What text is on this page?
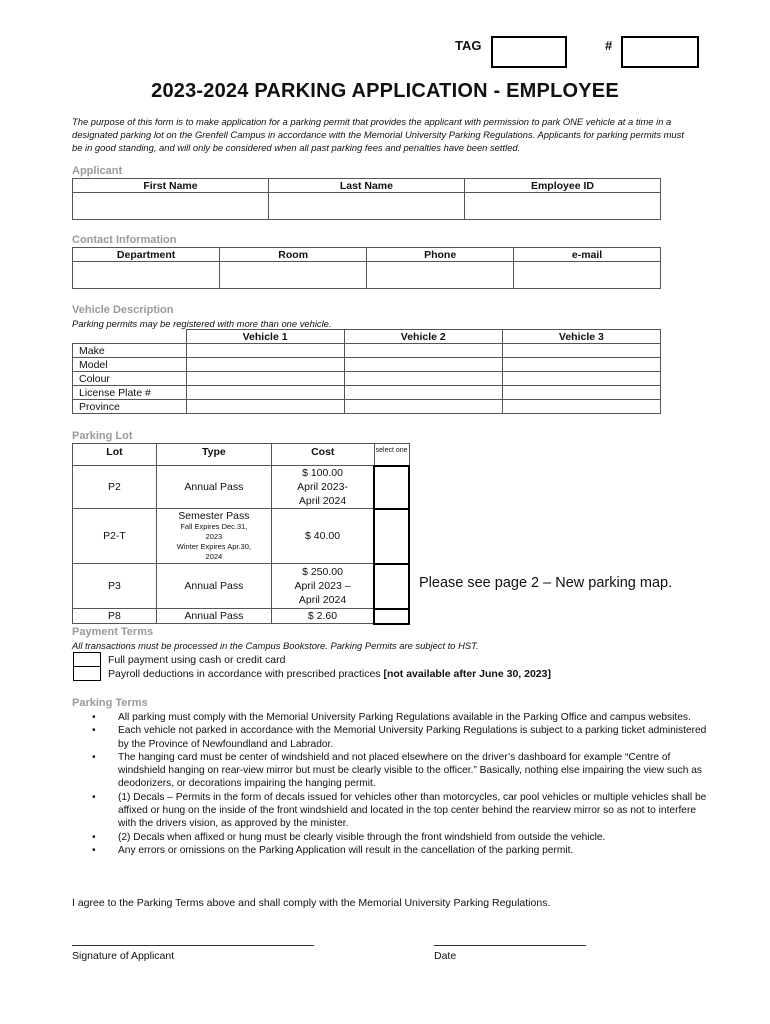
TAG	#
2023-2024 PARKING APPLICATION - EMPLOYEE
The purpose of this form is to make application for a parking permit that provides the applicant with permission to park ONE vehicle at a time in a designated parking lot on the Grenfell Campus in accordance with the Memorial University Parking Regulations. Applicants for parking permits must be in good standing, and will only be considered when all past parking fees and penalties have been settled.
Applicant
First Name	Last Name	Employee ID

Contact Information
Department	Room	Phone	e-mail

Vehicle Description
Parking permits may be registered with more than one vehicle.
	Vehicle 1	Vehicle 2	Vehicle 3
Make			
Model			
Colour			
License Plate #			
Province			
Parking Lot
Lot	Type	Cost	select one
P2	Annual Pass	$ 100.00
April 2023-
April 2024	

P2-T	Semester Pass
Fall Expires Dec.31,
2023
Winter Expires Apr.30,
2024	$ 40.00	
P3	Annual Pass	$ 250.00
April 2023 –
April 2024	

P8	Annual Pass	$ 2.60	
Please see page 2 – New parking map.
Payment Terms
All transactions must be processed in the Campus Bookstore. Parking Permits are subject to HST.
Full payment using cash or credit card
Payroll deductions in accordance with prescribed practices [not available after June 30, 2023]
Parking Terms
• All parking must comply with the Memorial University Parking Regulations available in the Parking Office and campus websites.
• Each vehicle not parked in accordance with the Memorial University Parking Regulations is subject to a parking ticket administered by the Province of Newfoundland and Labrador.
• The hanging card must be center of windshield and not placed elsewhere on the driver’s dashboard for example “Centre of windshield hanging on rear-view mirror but must be clearly visible to the officer.” Basically, nothing else impairing the view such as deodorizers, or decorations impairing the hanging permit.
• (1) Decals – Permits in the form of decals issued for vehicles other than motorcycles, car pool vehicles or multiple vehicles shall be affixed or hung on the inside of the front windshield and located in the top center behind the rearview mirror so as not to interfere with the drivers vision, as approved by the minister.
• (2) Decals when affixed or hung must be clearly visible through the front windshield from outside the vehicle.
• Any errors or omissions on the Parking Application will result in the cancellation of the parking permit.
I agree to the Parking Terms above and shall comply with the Memorial University Parking Regulations.
Signature of Applicant	Date
